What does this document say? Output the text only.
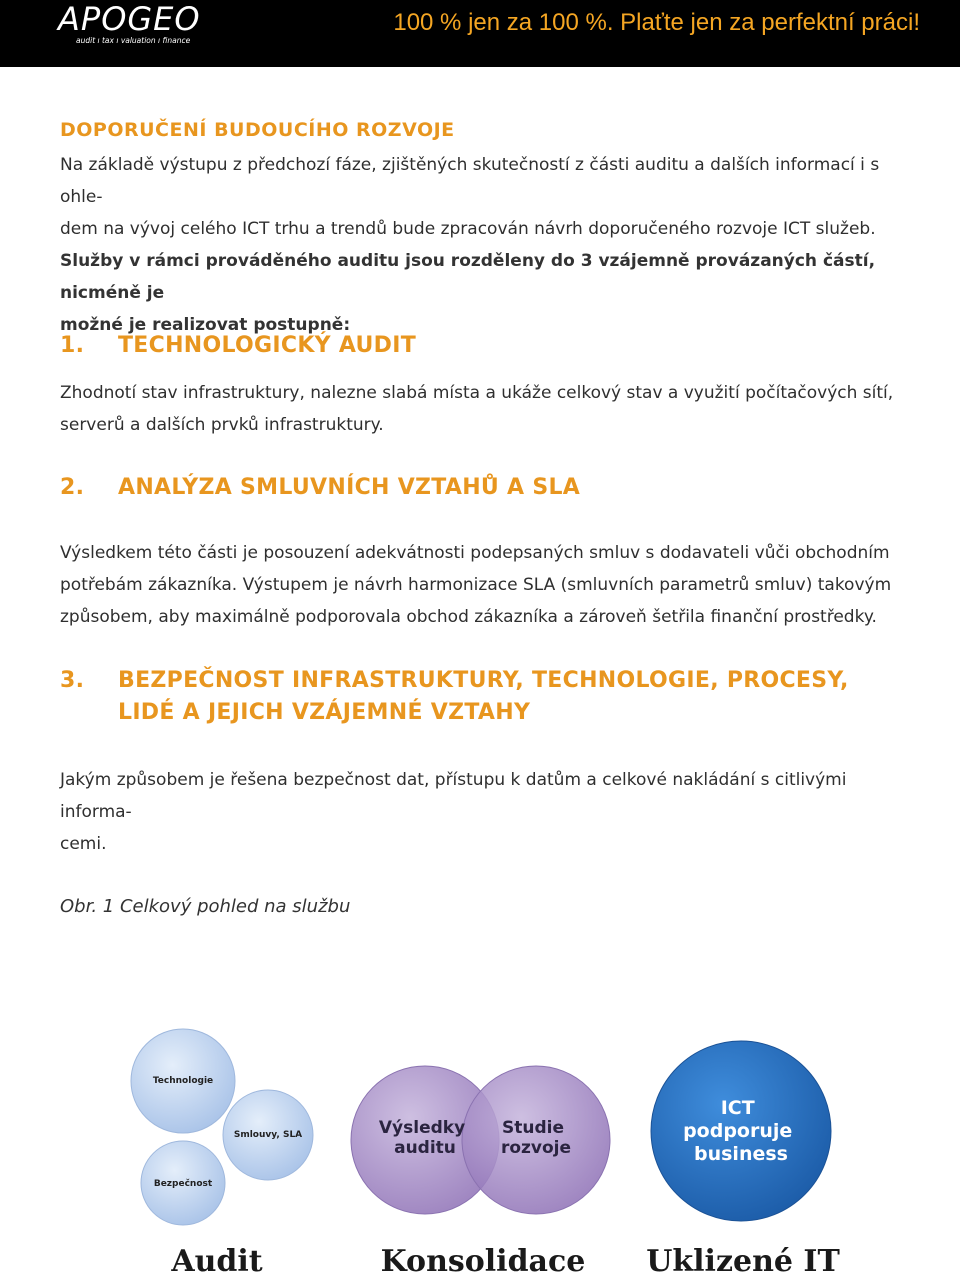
APOGEO
audit ı tax ı valuation ı finance
100 % jen za 100 %. Plaťte jen za perfektní práci!
DOPORUČENÍ BUDOUCÍHO ROZVOJE
Na základě výstupu z předchozí fáze, zjištěných skutečností z části auditu a dalších informací i s ohle-
dem na vývoj celého ICT trhu a trendů bude zpracován návrh doporučeného rozvoje ICT služeb.
Služby v rámci prováděného auditu jsou rozděleny do 3 vzájemně provázaných částí, nicméně je
možné je realizovat postupně:
1. TECHNOLOGICKÝ AUDIT
Zhodnotí stav infrastruktury, nalezne slabá místa a ukáže celkový stav a využití počítačových sítí,
serverů a dalších prvků infrastruktury.
2. ANALÝZA SMLUVNÍCH VZTAHŮ A SLA
Výsledkem této části je posouzení adekvátnosti podepsaných smluv s dodavateli vůči obchodním
potřebám zákazníka. Výstupem je návrh harmonizace SLA (smluvních parametrů smluv) takovým
způsobem, aby maximálně podporovala obchod zákazníka a zároveň šetřila finanční prostředky.
3. BEZPEČNOST INFRASTRUKTURY, TECHNOLOGIE, PROCESY,
LIDÉ A JEJICH VZÁJEMNÉ VZTAHY
Jakým způsobem je řešena bezpečnost dat, přístupu k datům a celkové nakládání s citlivými informa-
cemi.
Obr. 1 Celkový pohled na službu
Technologie
Smlouvy, SLA
Bezpečnost
Výsledky auditu
Studie rozvoje
ICT podporuje business
Audit	Konsolidace Uklizené IT
